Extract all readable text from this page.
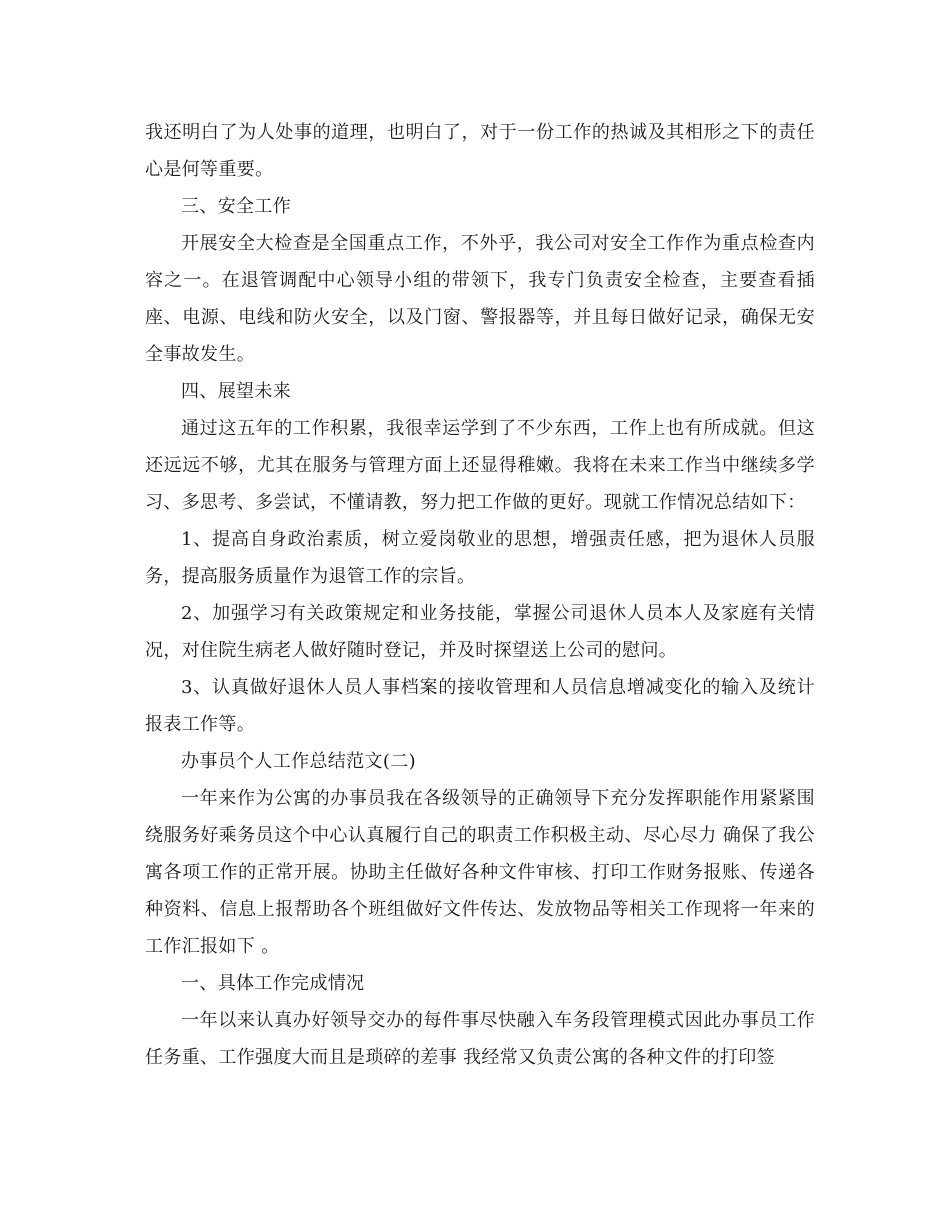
我还明白了为人处事的道理，也明白了，对于一份工作的热诚及其相形之下的责任心是何等重要。

三、安全工作

开展安全大检查是全国重点工作，不外乎，我公司对安全工作作为重点检查内容之一。在退管调配中心领导小组的带领下，我专门负责安全检查，主要查看插座、电源、电线和防火安全，以及门窗、警报器等，并且每日做好记录，确保无安全事故发生。

四、展望未来

通过这五年的工作积累，我很幸运学到了不少东西，工作上也有所成就。但这还远远不够，尤其在服务与管理方面上还显得稚嫩。我将在未来工作当中继续多学习、多思考、多尝试，不懂请教，努力把工作做的更好。现就工作情况总结如下：

1、提高自身政治素质，树立爱岗敬业的思想，增强责任感，把为退休人员服务，提高服务质量作为退管工作的宗旨。

2、加强学习有关政策规定和业务技能，掌握公司退休人员本人及家庭有关情况，对住院生病老人做好随时登记，并及时探望送上公司的慰问。

3、认真做好退休人员人事档案的接收管理和人员信息增减变化的输入及统计报表工作等。

办事员个人工作总结范文(二)

一年来作为公寓的办事员我在各级领导的正确领导下充分发挥职能作用紧紧围绕服务好乘务员这个中心认真履行自己的职责工作积极主动、尽心尽力 确保了我公寓各项工作的正常开展。协助主任做好各种文件审核、打印工作财务报账、传递各种资料、信息上报帮助各个班组做好文件传达、发放物品等相关工作现将一年来的工作汇报如下 。

一、具体工作完成情况

一年以来认真办好领导交办的每件事尽快融入车务段管理模式因此办事员工作任务重、工作强度大而且是琐碎的差事 我经常又负责公寓的各种文件的打印签
